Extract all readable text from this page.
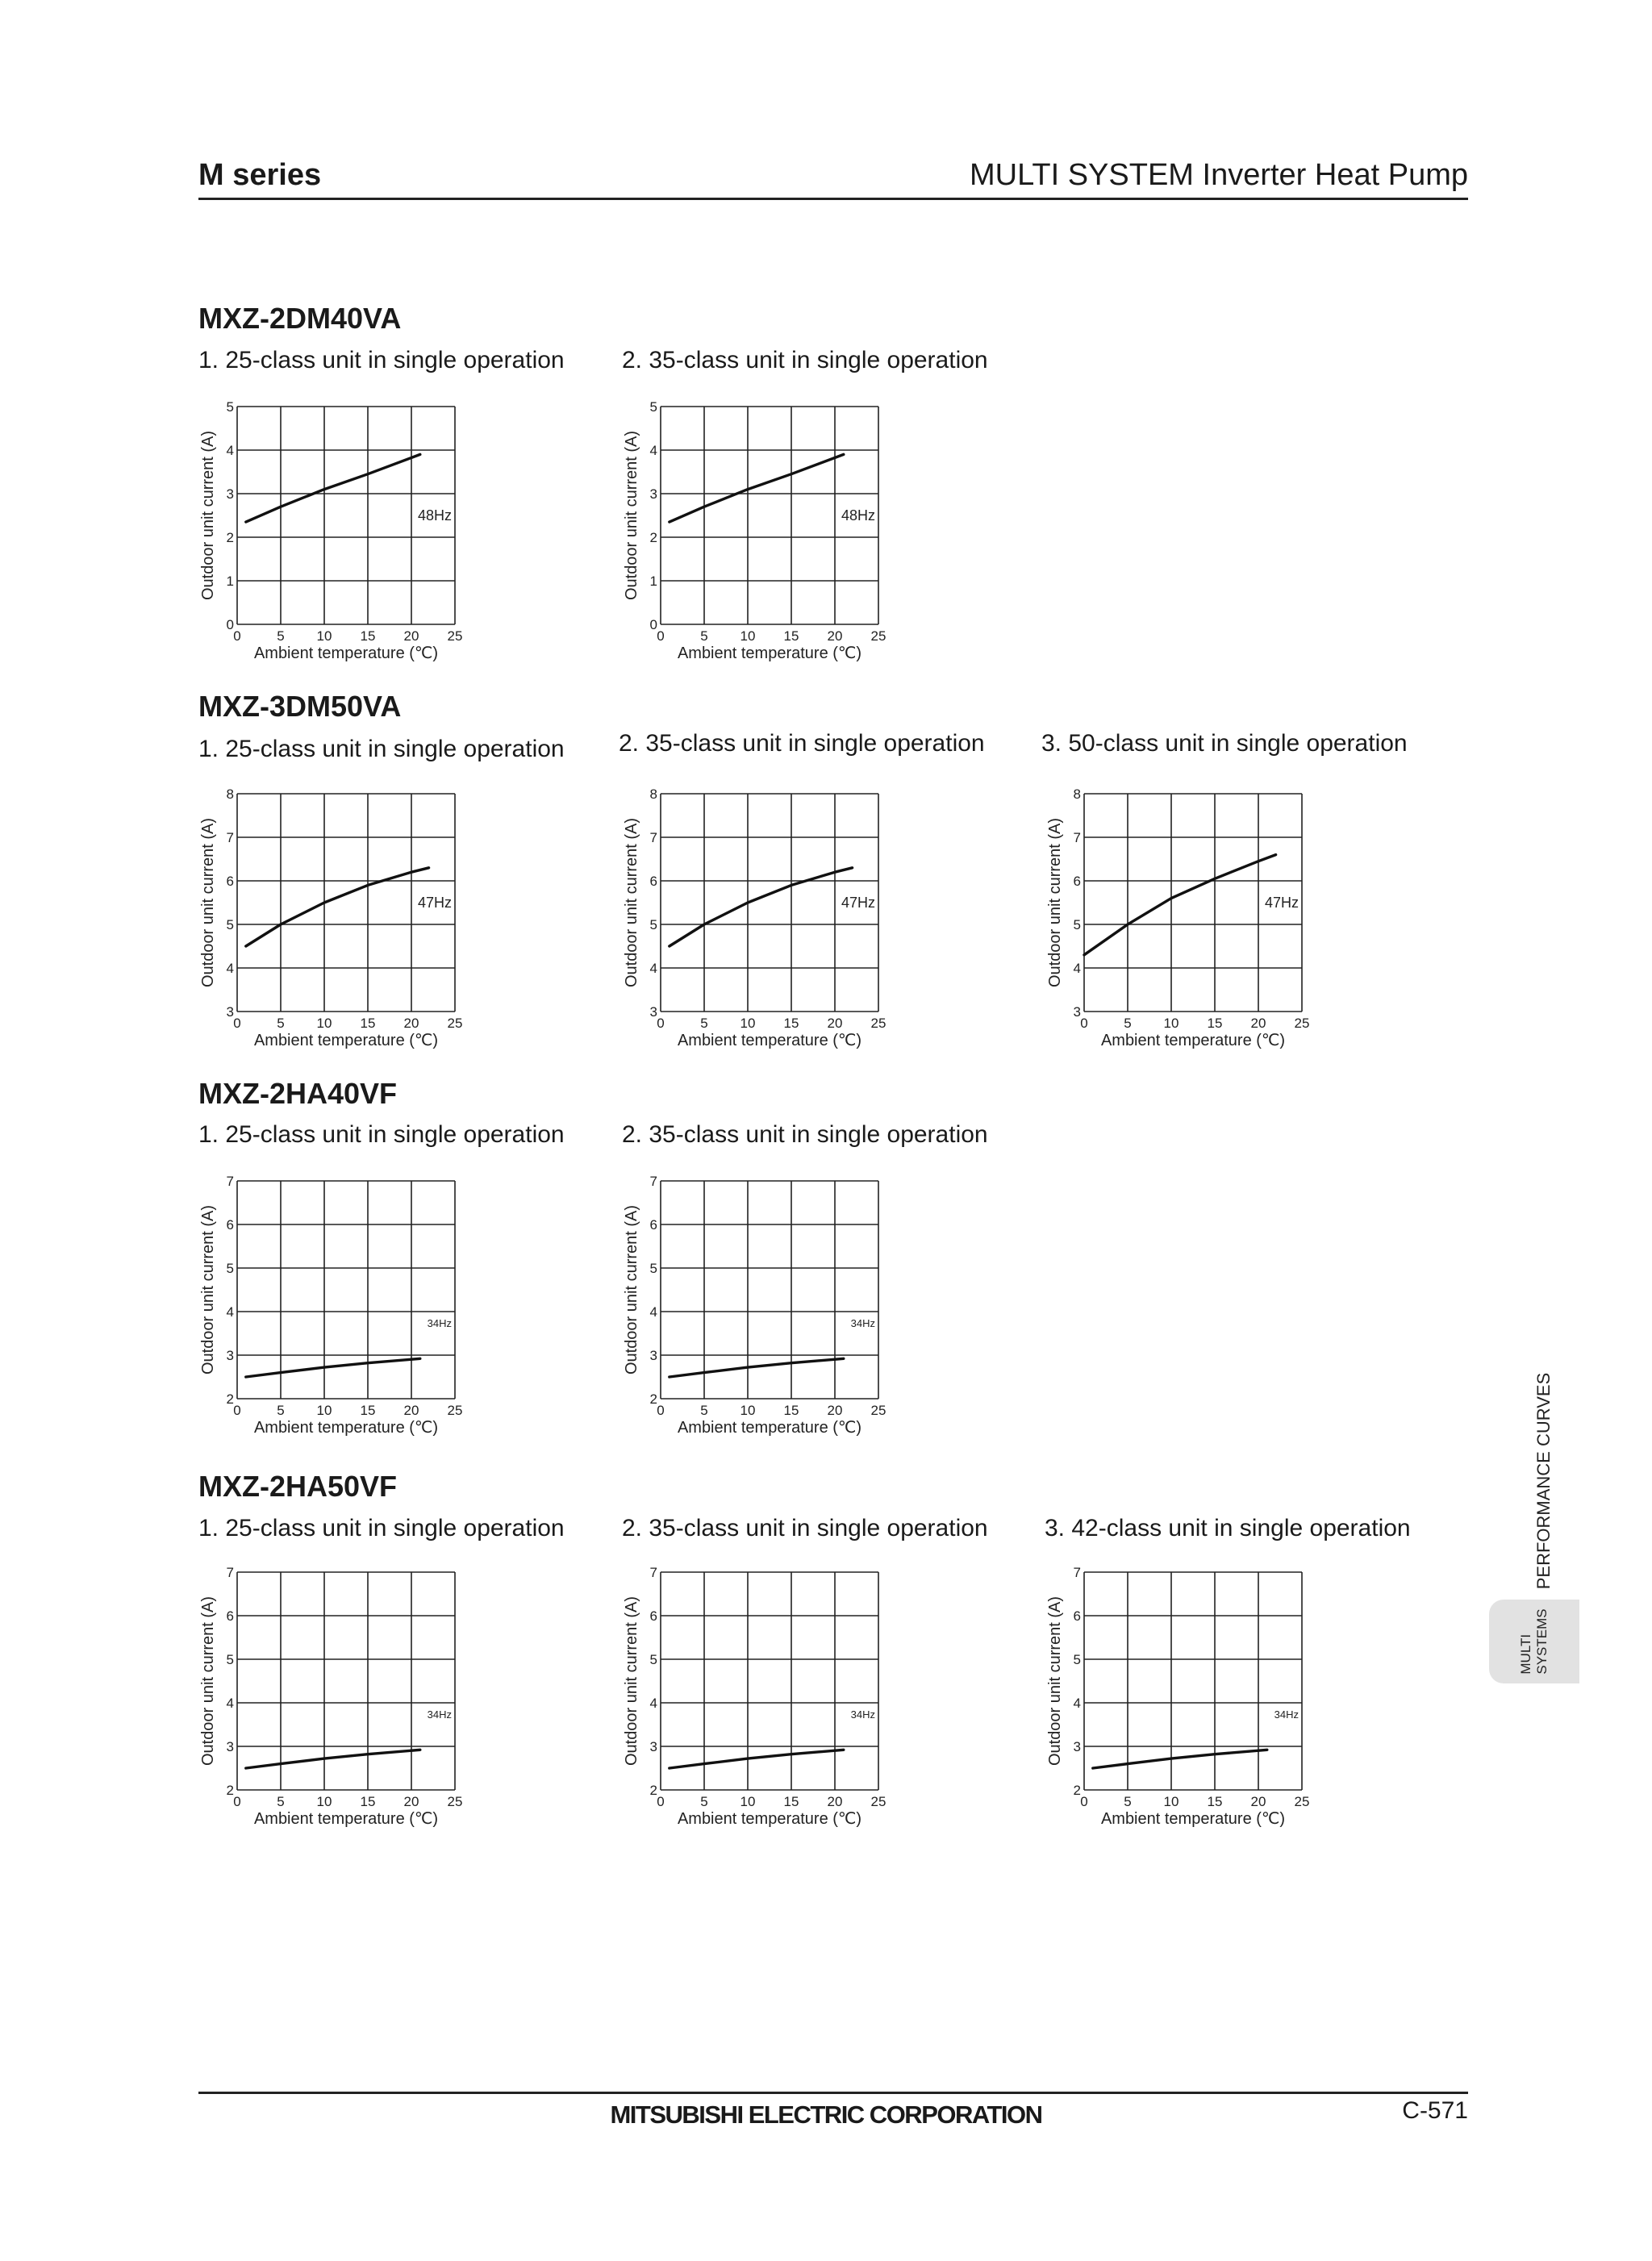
M series	MULTI SYSTEM Inverter Heat Pump
MXZ-2DM40VA
1. 25-class unit in single operation 2. 35-class unit in single operation
0	5 10 15 20 25
0
1
2
3
4
5
Ambient temperature (℃)
Outdoor unit current (A)	48Hz
0	5 10 15 20 25
0
1
2
3
4
5
Ambient temperature (℃)
Outdoor unit current (A)	48Hz
MXZ-3DM50VA
1. 25-class unit in single operation 2. 35-class unit in single operation 3. 50-class unit in single operation
0	5 10 15 20 25
3
4
5
6
7
8
Ambient temperature (℃)
Outdoor unit current (A)	47Hz
0	5 10 15 20 25
3
4
5
6
7
8
Ambient temperature (℃)
Outdoor unit current (A)	47Hz
0	5 10 15 20 25
3
4
5
6
7
8
Ambient temperature (℃)
Outdoor unit current (A)	47Hz
MXZ-2HA40VF
1. 25-class unit in single operation 2. 35-class unit in single operation
0	5 10 15 20 25
2
3
4
5
6
7
Ambient temperature (℃)
Outdoor unit current (A)	34Hz
0	5 10 15 20 25
2
3
4
5
6
7
Ambient temperature (℃)
Outdoor unit current (A)	34Hz
MXZ-2HA50VF
1. 25-class unit in single operation 2. 35-class unit in single operation 3. 42-class unit in single operation
0	5 10 15 20 25
2
3
4
5
6
7
Ambient temperature (℃)
Outdoor unit current (A)	34Hz
0	5 10 15 20 25
2
3
4
5
6
7
Ambient temperature (℃)
Outdoor unit current (A)	34Hz
0	5 10 15 20 25
2
3
4
5
6
7
Ambient temperature (℃)
Outdoor unit current (A)	34Hz
PERFORMANCE CURVES
MULTI SYSTEMS
MITSUBISHI ELECTRIC CORPORATION	C-571
